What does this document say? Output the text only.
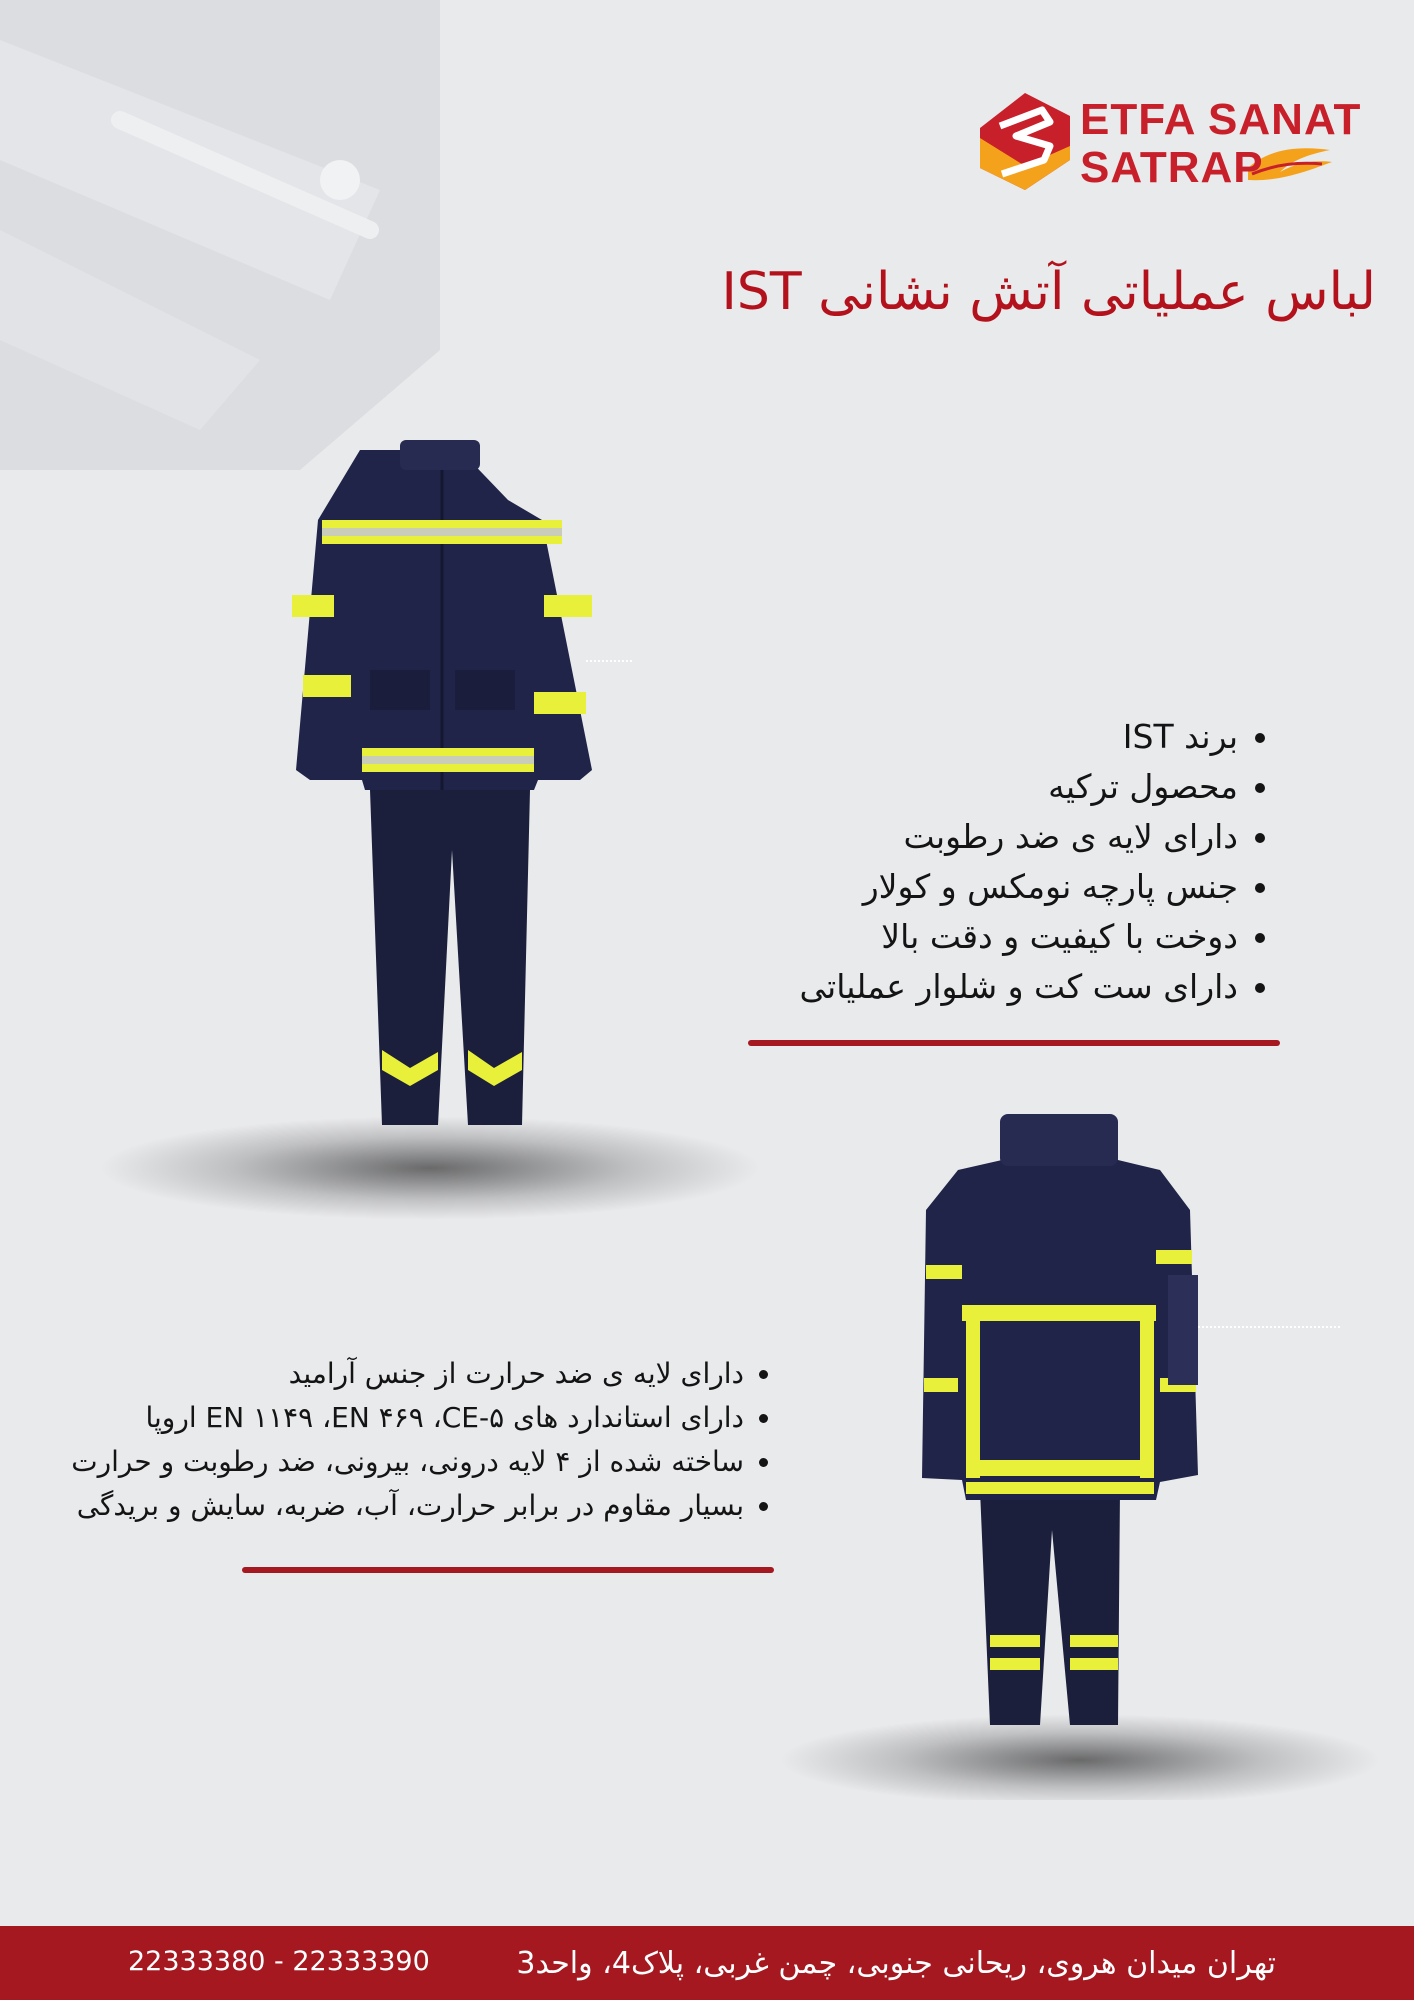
ETFA SANAT
SATRAP
لباس عملیاتی آتش نشانی IST
• برند IST
• محصول ترکیه
• دارای لایه ی ضد رطوبت
• جنس پارچه نومکس و کولار
• دوخت با کیفیت و دقت بالا
• دارای ست کت و شلوار عملیاتی
• دارای لایه ی ضد حرارت از جنس آرامید
• دارای استاندارد های ۵-EN ۱۱۴۹ ،EN ۴۶۹ ،CE اروپا
• ساخته شده از ۴ لایه درونی، بیرونی، ضد رطوبت و حرارت
• بسیار مقاوم در برابر حرارت، آب، ضربه، سایش و بریدگی
تهران میدان هروی، ریحانی جنوبی، چمن غربی، پلاک4، واحد3
22333380 - 22333390
